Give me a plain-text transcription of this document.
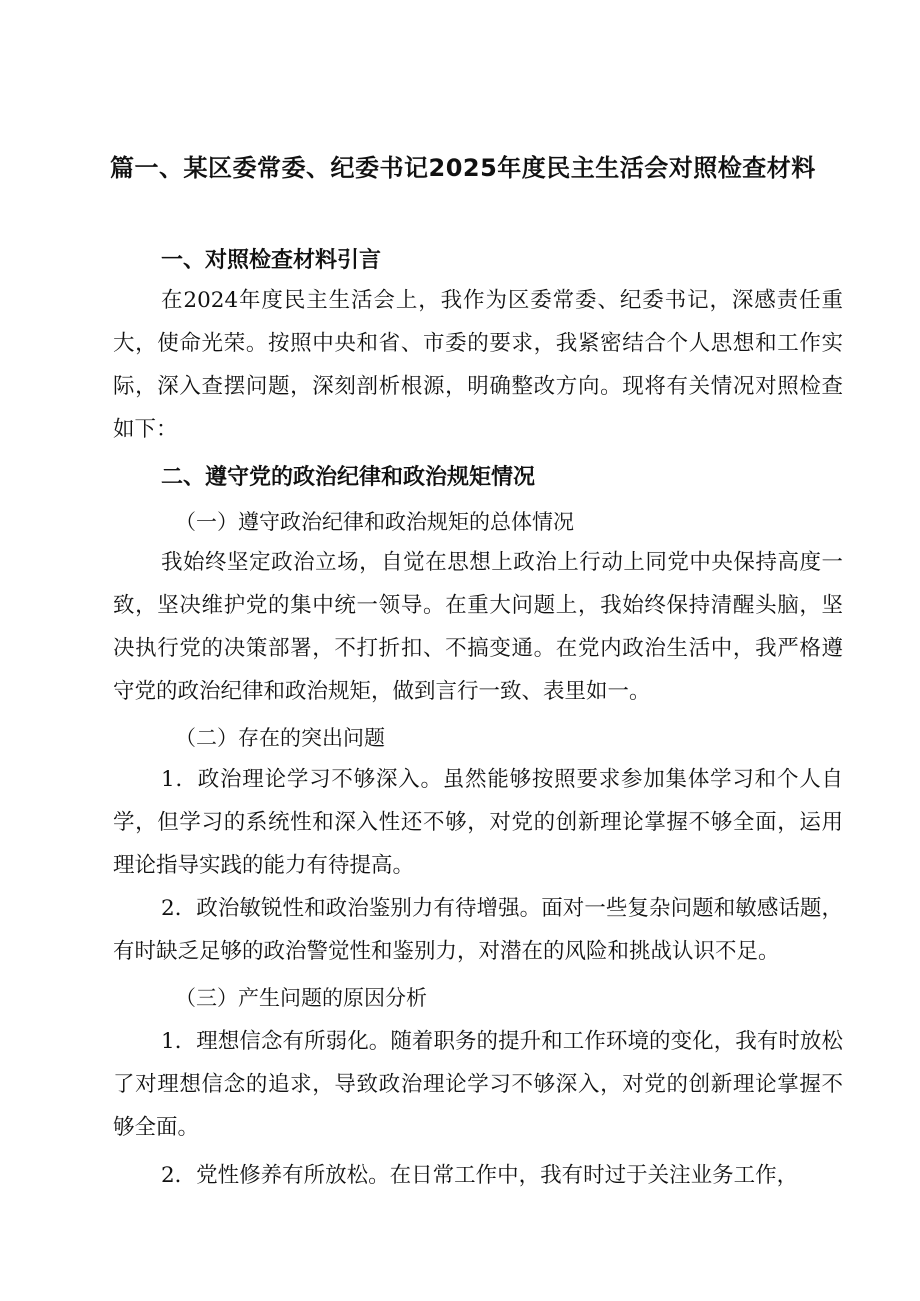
篇一、某区委常委、纪委书记2025年度民主生活会对照检查材料
一、对照检查材料引言
在2024年度民主生活会上，我作为区委常委、纪委书记，深感责任重大，使命光荣。按照中央和省、市委的要求，我紧密结合个人思想和工作实际，深入查摆问题，深刻剖析根源，明确整改方向。现将有关情况对照检查如下：
二、遵守党的政治纪律和政治规矩情况
（一）遵守政治纪律和政治规矩的总体情况
我始终坚定政治立场，自觉在思想上政治上行动上同党中央保持高度一致，坚决维护党的集中统一领导。在重大问题上，我始终保持清醒头脑，坚决执行党的决策部署，不打折扣、不搞变通。在党内政治生活中，我严格遵守党的政治纪律和政治规矩，做到言行一致、表里如一。
（二）存在的突出问题
1．政治理论学习不够深入。虽然能够按照要求参加集体学习和个人自学，但学习的系统性和深入性还不够，对党的创新理论掌握不够全面，运用理论指导实践的能力有待提高。
2．政治敏锐性和政治鉴别力有待增强。面对一些复杂问题和敏感话题，有时缺乏足够的政治警觉性和鉴别力，对潜在的风险和挑战认识不足。
（三）产生问题的原因分析
1．理想信念有所弱化。随着职务的提升和工作环境的变化，我有时放松了对理想信念的追求，导致政治理论学习不够深入，对党的创新理论掌握不够全面。
2．党性修养有所放松。在日常工作中，我有时过于关注业务工作，
